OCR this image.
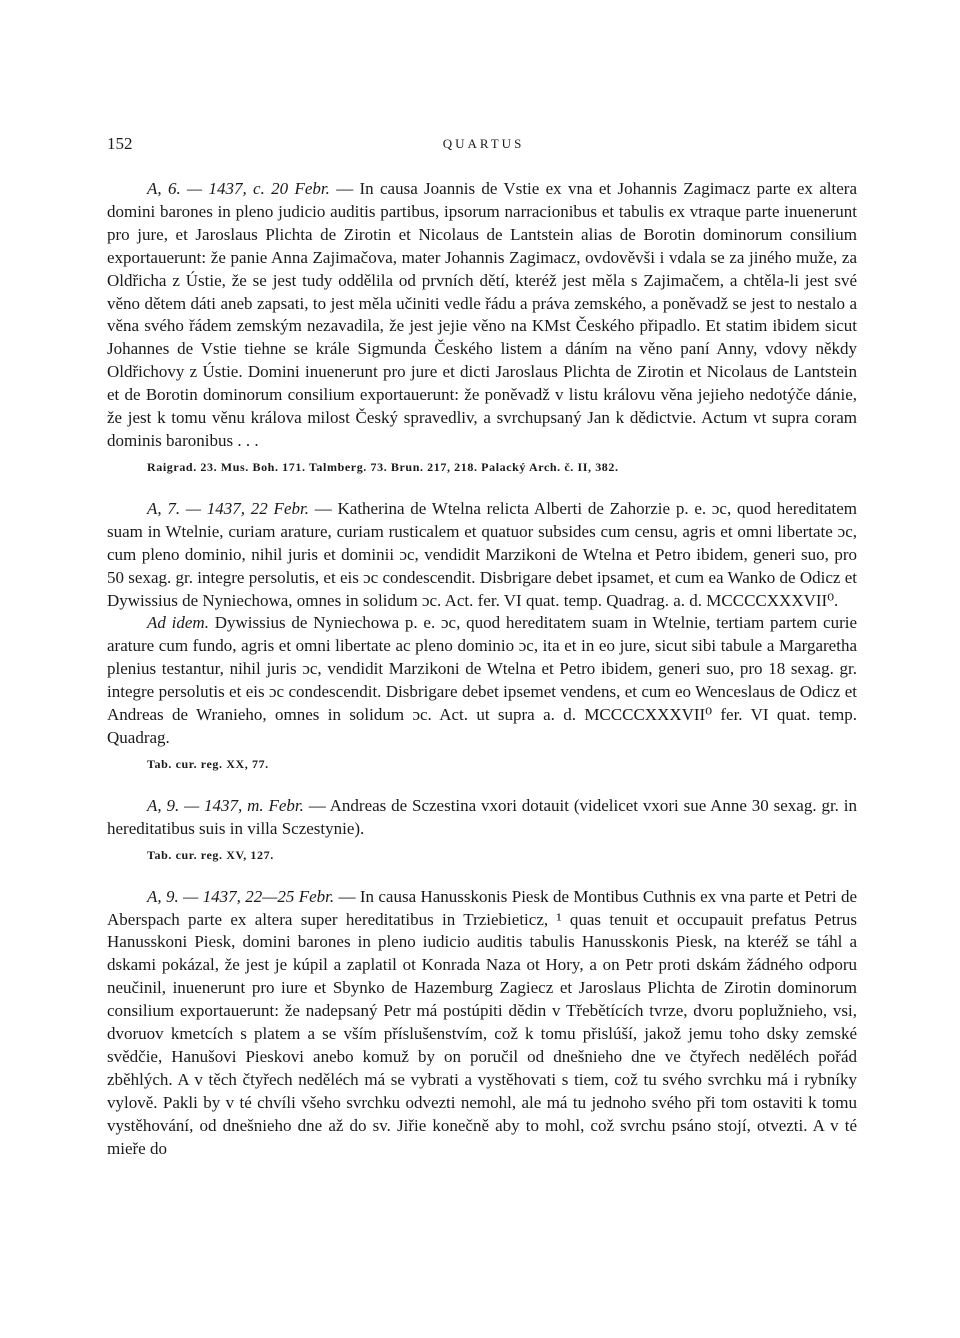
152	QUARTUS

A, 6. — 1437, c. 20 Febr. — In causa Joannis de Vstie ex vna et Johannis Zagimacz parte ex altera domini barones in pleno judicio auditis partibus, ipsorum narracionibus et tabulis ex vtraque parte inuenerunt pro jure, et Jaroslaus Plichta de Zirotin et Nicolaus de Lantstein alias de Borotin dominorum consilium exportauerunt: že panie Anna Zajimačova, mater Johannis Zagimacz, ovdověvši i vdala se za jiného muže, za Oldřicha z Ústie, že se jest tudy oddělila od prvních dětí, kteréž jest měla s Zajimačem, a chtěla-li jest své věno dětem dáti aneb zapsati, to jest měla učiniti vedle řádu a práva zemského, a poněvadž se jest to nestalo a věna svého řádem zemským nezavadila, že jest jejie věno na KMst Českého připadlo. Et statim ibidem sicut Johannes de Vstie tiehne se krále Sigmunda Českého listem a dáním na věno paní Anny, vdovy někdy Oldřichovy z Ústie. Domini inuenerunt pro jure et dicti Jaroslaus Plichta de Zirotin et Nicolaus de Lantstein et de Borotin dominorum consilium exportauerunt: že poněvadž v listu královu věna jejieho nedotýče dánie, že jest k tomu věnu králova milost Český spravedliv, a svrchupsaný Jan k dědictvie. Actum vt supra coram dominis baronibus . . .

Raigrad. 23. Mus. Boh. 171. Talmberg. 73. Brun. 217, 218. Palacký Arch. č. II, 382.

A, 7. — 1437, 22 Febr. — Katherina de Wtelna relicta Alberti de Zahorzie p. e. ɔc, quod hereditatem suam in Wtelnie, curiam arature, curiam rusticalem et quatuor subsides cum censu, agris et omni libertate ɔc, cum pleno dominio, nihil juris et dominii ɔc, vendidit Marzikoni de Wtelna et Petro ibidem, generi suo, pro 50 sexag. gr. integre persolutis, et eis ɔc condescendit. Disbrigare debet ipsamet, et cum ea Wanko de Odicz et Dywissius de Nyniechowa, omnes in solidum ɔc. Act. fer. VI quat. temp. Quadrag. a. d. MCCCCXXXVII⁰.

Ad idem. Dywissius de Nyniechowa p. e. ɔc, quod hereditatem suam in Wtelnie, tertiam partem curie arature cum fundo, agris et omni libertate ac pleno dominio ɔc, ita et in eo jure, sicut sibi tabule a Margaretha plenius testantur, nihil juris ɔc, vendidit Marzikoni de Wtelna et Petro ibidem, generi suo, pro 18 sexag. gr. integre persolutis et eis ɔc condescendit. Disbrigare debet ipsemet vendens, et cum eo Wenceslaus de Odicz et Andreas de Wranieho, omnes in solidum ɔc. Act. ut supra a. d. MCCCCXXXVII⁰ fer. VI quat. temp. Quadrag.

Tab. cur. reg. XX, 77.

A, 9. — 1437, m. Febr. — Andreas de Sczestina vxori dotauit (videlicet vxori sue Anne 30 sexag. gr. in hereditatibus suis in villa Sczestynie).

Tab. cur. reg. XV, 127.

A, 9. — 1437, 22—25 Febr. — In causa Hanusskonis Piesk de Montibus Cuthnis ex vna parte et Petri de Aberspach parte ex altera super hereditatibus in Trziebieticz, ¹ quas tenuit et occupauit prefatus Petrus Hanusskoni Piesk, domini barones in pleno iudicio auditis tabulis Hanusskonis Piesk, na kteréž se táhl a dskami pokázal, že jest je kúpil a zaplatil ot Konrada Naza ot Hory, a on Petr proti dskám žádného odporu neučinil, inuenerunt pro iure et Sbynko de Hazemburg Zagiecz et Jaroslaus Plichta de Zirotin dominorum consilium exportauerunt: že nadepsaný Petr má postúpiti dědin v Třebětících tvrze, dvoru poplužnieho, vsi, dvoruov kmetcích s platem a se vším příslušenstvím, což k tomu přislúší, jakož jemu toho dsky zemské svědčie, Hanušovi Pieskovi anebo komuž by on poručil od dnešnieho dne ve čtyřech neděléch pořád zběhlých. A v těch čtyřech neděléch má se vybrati a vystěhovati s tiem, což tu svého svrchku má i rybníky vylově. Pakli by v té chvíli všeho svrchku odvezti nemohl, ale má tu jednoho svého při tom ostaviti k tomu vystěhování, od dnešnieho dne až do sv. Jiřie konečně aby to mohl, což svrchu psáno stojí, otvezti. A v té mieře do
